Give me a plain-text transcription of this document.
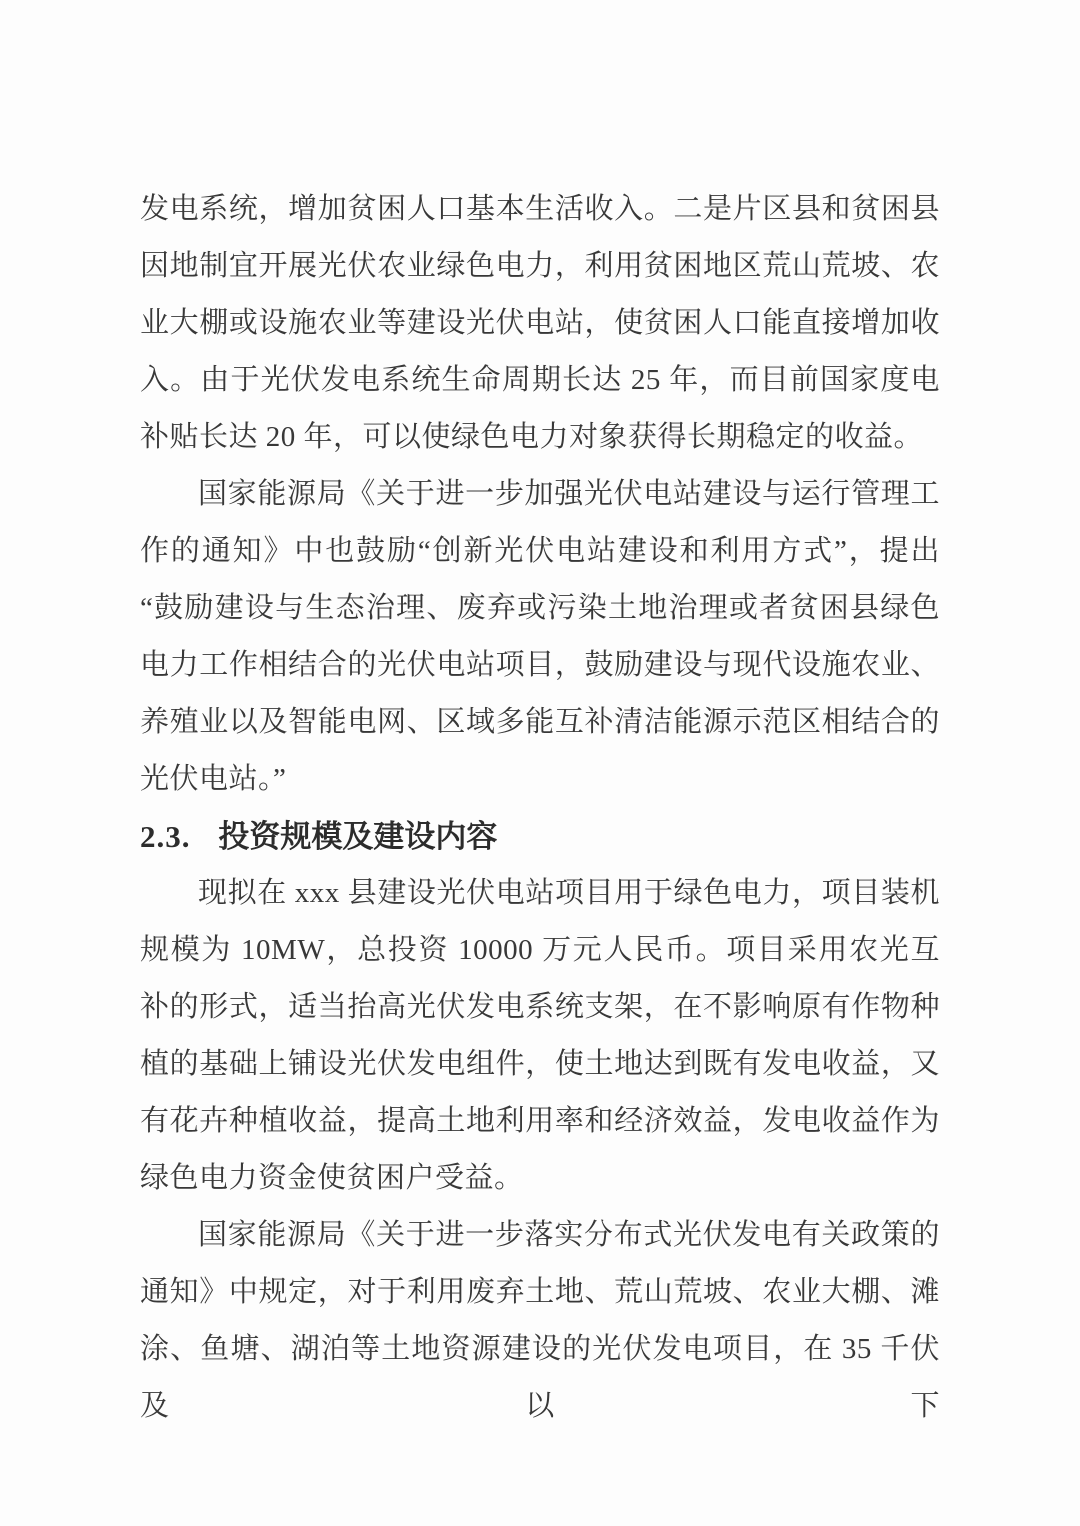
发电系统，增加贫困人口基本生活收入。二是片区县和贫困县因地制宜开展光伏农业绿色电力，利用贫困地区荒山荒坡、农业大棚或设施农业等建设光伏电站，使贫困人口能直接增加收入。由于光伏发电系统生命周期长达 25 年，而目前国家度电补贴长达 20 年，可以使绿色电力对象获得长期稳定的收益。

国家能源局《关于进一步加强光伏电站建设与运行管理工作的通知》中也鼓励“创新光伏电站建设和利用方式”，提出“鼓励建设与生态治理、废弃或污染土地治理或者贫困县绿色电力工作相结合的光伏电站项目，鼓励建设与现代设施农业、养殖业以及智能电网、区域多能互补清洁能源示范区相结合的光伏电站。”

2.3. 投资规模及建设内容

现拟在 xxx 县建设光伏电站项目用于绿色电力，项目装机规模为 10MW，总投资 10000 万元人民币。项目采用农光互补的形式，适当抬高光伏发电系统支架，在不影响原有作物种植的基础上铺设光伏发电组件，使土地达到既有发电收益，又有花卉种植收益，提高土地利用率和经济效益，发电收益作为绿色电力资金使贫困户受益。

国家能源局《关于进一步落实分布式光伏发电有关政策的通知》中规定，对于利用废弃土地、荒山荒坡、农业大棚、滩涂、鱼塘、湖泊等土地资源建设的光伏发电项目，在 35 千伏及以下
